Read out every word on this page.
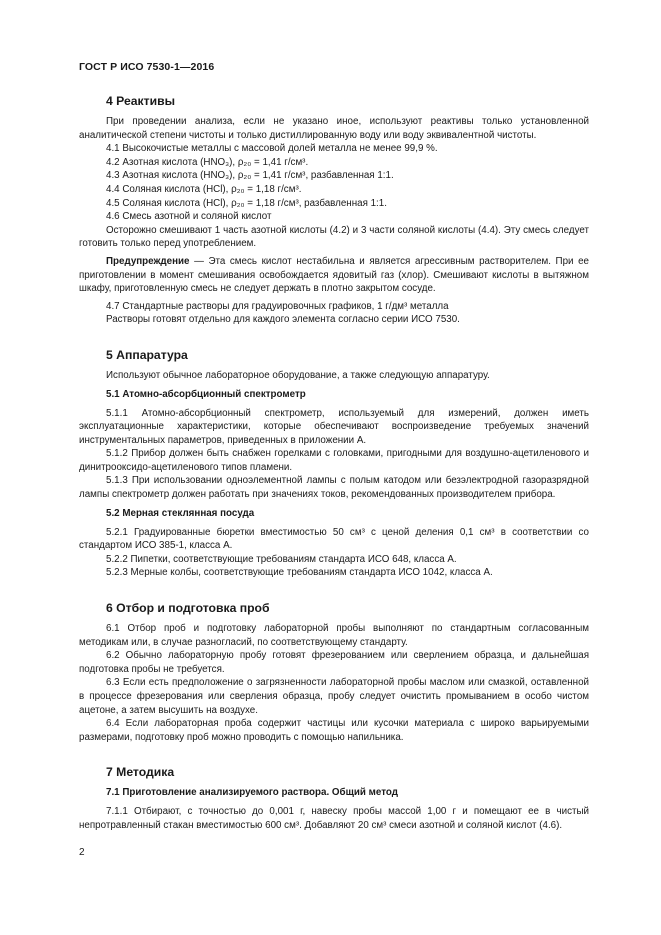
ГОСТ Р ИСО 7530-1—2016
4 Реактивы

При проведении анализа, если не указано иное, используют реактивы только установленной аналитической степени чистоты и только дистиллированную воду или воду эквивалентной чистоты.

4.1 Высокочистые металлы с массовой долей металла не менее 99,9 %.

4.2 Азотная кислота (HNO₃), ρ₂₀ = 1,41 г/см³.

4.3 Азотная кислота (HNO₃), ρ₂₀ = 1,41 г/см³, разбавленная 1:1.

4.4 Соляная кислота (HCl), ρ₂₀ = 1,18 г/см³.

4.5 Соляная кислота (HCl), ρ₂₀ = 1,18 г/см³, разбавленная 1:1.

4.6 Смесь азотной и соляной кислот

Осторожно смешивают 1 часть азотной кислоты (4.2) и 3 части соляной кислоты (4.4). Эту смесь следует готовить только перед употреблением.

Предупреждение — Эта смесь кислот нестабильна и является агрессивным растворителем. При ее приготовлении в момент смешивания освобождается ядовитый газ (хлор). Смешивают кислоты в вытяжном шкафу, приготовленную смесь не следует держать в плотно закрытом сосуде.

4.7 Стандартные растворы для градуировочных графиков, 1 г/дм³ металла

Растворы готовят отдельно для каждого элемента согласно серии ИСО 7530.

5 Аппаратура

Используют обычное лабораторное оборудование, а также следующую аппаратуру.

5.1 Атомно-абсорбционный спектрометр

5.1.1 Атомно-абсорбционный спектрометр, используемый для измерений, должен иметь эксплуатационные характеристики, которые обеспечивают воспроизведение требуемых значений инструментальных параметров, приведенных в приложении А.

5.1.2 Прибор должен быть снабжен горелками с головками, пригодными для воздушно-ацетиленового и динитрооксидо-ацетиленового типов пламени.

5.1.3 При использовании одноэлементной лампы с полым катодом или безэлектродной газоразрядной лампы спектрометр должен работать при значениях токов, рекомендованных производителем прибора.

5.2 Мерная стеклянная посуда

5.2.1 Градуированные бюретки вместимостью 50 см³ с ценой деления 0,1 см³ в соответствии со стандартом ИСО 385-1, класса А.

5.2.2 Пипетки, соответствующие требованиям стандарта ИСО 648, класса А.

5.2.3 Мерные колбы, соответствующие требованиям стандарта ИСО 1042, класса А.

6 Отбор и подготовка проб

6.1 Отбор проб и подготовку лабораторной пробы выполняют по стандартным согласованным методикам или, в случае разногласий, по соответствующему стандарту.

6.2 Обычно лабораторную пробу готовят фрезерованием или сверлением образца, и дальнейшая подготовка пробы не требуется.

6.3 Если есть предположение о загрязненности лабораторной пробы маслом или смазкой, оставленной в процессе фрезерования или сверления образца, пробу следует очистить промыванием в особо чистом ацетоне, а затем высушить на воздухе.

6.4 Если лабораторная проба содержит частицы или кусочки материала с широко варьируемыми размерами, подготовку проб можно проводить с помощью напильника.

7 Методика
7.1 Приготовление анализируемого раствора. Общий метод

7.1.1 Отбирают, с точностью до 0,001 г, навеску пробы массой 1,00 г и помещают ее в чистый непротравленный стакан вместимостью 600 см³. Добавляют 20 см³ смеси азотной и соляной кислот (4.6).

2
